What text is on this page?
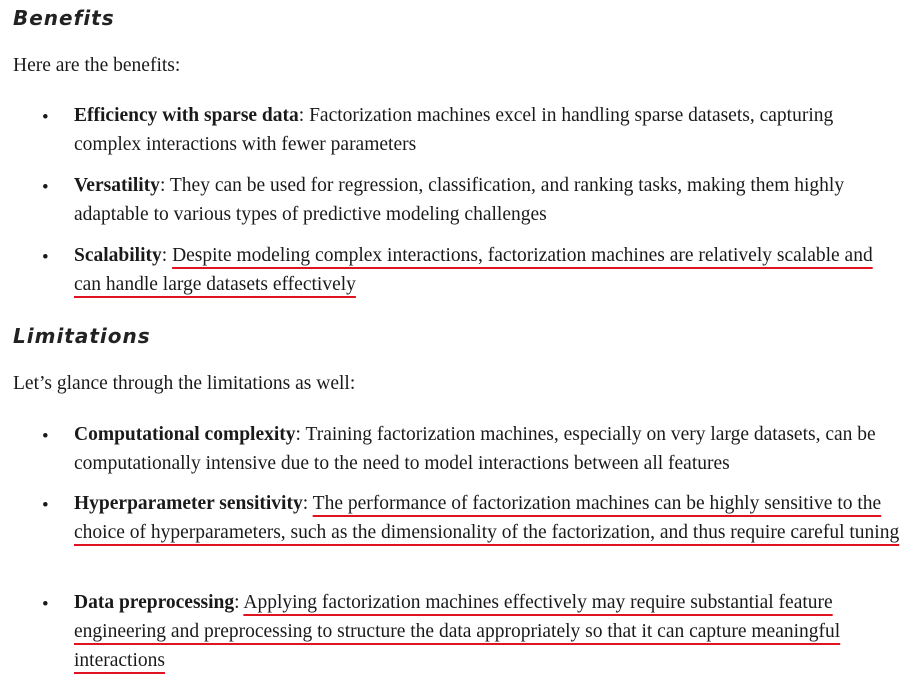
Benefits

Here are the benefits:

• Efficiency with sparse data: Factorization machines excel in handling sparse datasets, capturing complex interactions with fewer parameters

• Versatility: They can be used for regression, classification, and ranking tasks, making them highly adaptable to various types of predictive modeling challenges

• Scalability: Despite modeling complex interactions, factorization machines are relatively scalable and can handle large datasets effectively

Limitations

Let’s glance through the limitations as well:

• Computational complexity: Training factorization machines, especially on very large datasets, can be computationally intensive due to the need to model interactions between all features

• Hyperparameter sensitivity: The performance of factorization machines can be highly sensitive to the choice of hyperparameters, such as the dimensionality of the factorization, and thus require careful tuning

• Data preprocessing: Applying factorization machines effectively may require substantial feature engineering and preprocessing to structure the data appropriately so that it can capture meaningful interactions
